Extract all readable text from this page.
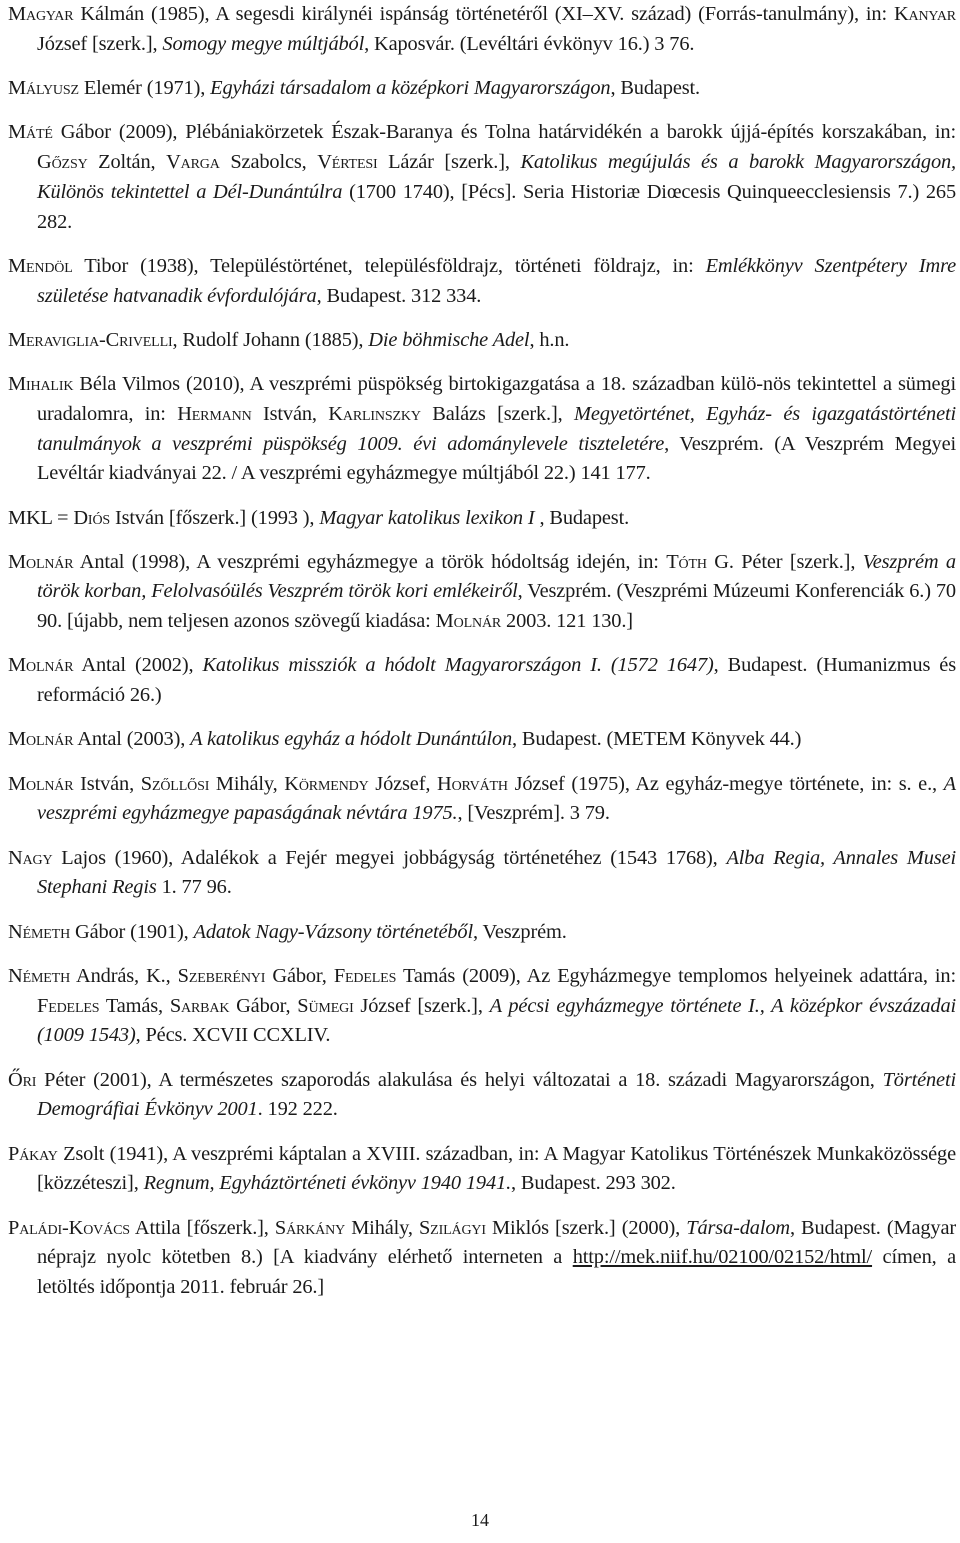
Magyar Kálmán (1985), A segesdi királynéi ispánság történetéről (XI–XV. század) (Forrás-tanulmány), in: Kanyar József [szerk.], Somogy megye múltjából, Kaposvár. (Levéltári évkönyv 16.) 3 76.
Mályusz Elemér (1971), Egyházi társadalom a középkori Magyarországon, Budapest.
Máté Gábor (2009), Plébániakörzetek Észak-Baranya és Tolna határvidékén a barokk újjá-építés korszakában, in: Gőzsy Zoltán, Varga Szabolcs, Vértesi Lázár [szerk.], Katolikus megújulás és a barokk Magyarországon, Különös tekintettel a Dél-Dunántúlra (1700 1740), [Pécs]. Seria Historiæ Diœcesis Quinqueecclesiensis 7.) 265 282.
Mendöl Tibor (1938), Településtörténet, településföldrajz, történeti földrajz, in: Emlékkönyv Szentpétery Imre születése hatvanadik évfordulójára, Budapest. 312 334.
Meraviglia-Crivelli, Rudolf Johann (1885), Die böhmische Adel, h.n.
Mihalik Béla Vilmos (2010), A veszprémi püspökség birtokigazgatása a 18. században külö-nös tekintettel a sümegi uradalomra, in: Hermann István, Karlinszky Balázs [szerk.], Megyetörténet, Egyház- és igazgatástörténeti tanulmányok a veszprémi püspökség 1009. évi adománylevele tiszteletére, Veszprém. (A Veszprém Megyei Levéltár kiadványai 22. / A veszprémi egyházmegye múltjából 22.) 141 177.
MKL = Diós István [főszerk.] (1993 ), Magyar katolikus lexikon I , Budapest.
Molnár Antal (1998), A veszprémi egyházmegye a török hódoltság idején, in: Tóth G. Péter [szerk.], Veszprém a török korban, Felolvasóülés Veszprém török kori emlékeiről, Veszprém. (Veszprémi Múzeumi Konferenciák 6.) 70 90. [újabb, nem teljesen azonos szövegű kiadása: Molnár 2003. 121 130.]
Molnár Antal (2002), Katolikus missziók a hódolt Magyarországon I. (1572 1647), Budapest. (Humanizmus és reformáció 26.)
Molnár Antal (2003), A katolikus egyház a hódolt Dunántúlon, Budapest. (METEM Könyvek 44.)
Molnár István, Szőllősi Mihály, Körmendy József, Horváth József (1975), Az egyház-megye története, in: s. e., A veszprémi egyházmegye papaságának névtára 1975., [Veszprém]. 3 79.
Nagy Lajos (1960), Adalékok a Fejér megyei jobbágyság történetéhez (1543 1768), Alba Regia, Annales Musei Stephani Regis 1. 77 96.
Németh Gábor (1901), Adatok Nagy-Vázsony történetéből, Veszprém.
Németh András, K., Szeberényi Gábor, Fedeles Tamás (2009), Az Egyházmegye templomos helyeinek adattára, in: Fedeles Tamás, Sarbak Gábor, Sümegi József [szerk.], A pécsi egyházmegye története I., A középkor évszázadai (1009 1543), Pécs. XCVII CCXLIV.
Őri Péter (2001), A természetes szaporodás alakulása és helyi változatai a 18. századi Magyarországon, Történeti Demográfiai Évkönyv 2001. 192 222.
Pákay Zsolt (1941), A veszprémi káptalan a XVIII. században, in: A Magyar Katolikus Történészek Munkaközössége [közzéteszi], Regnum, Egyháztörténeti évkönyv 1940 1941., Budapest. 293 302.
Paládi-Kovács Attila [főszerk.], Sárkány Mihály, Szilágyi Miklós [szerk.] (2000), Társa-dalom, Budapest. (Magyar néprajz nyolc kötetben 8.) [A kiadvány elérhető interneten a http://mek.niif.hu/02100/02152/html/ címen, a letöltés időpontja 2011. február 26.]
14
